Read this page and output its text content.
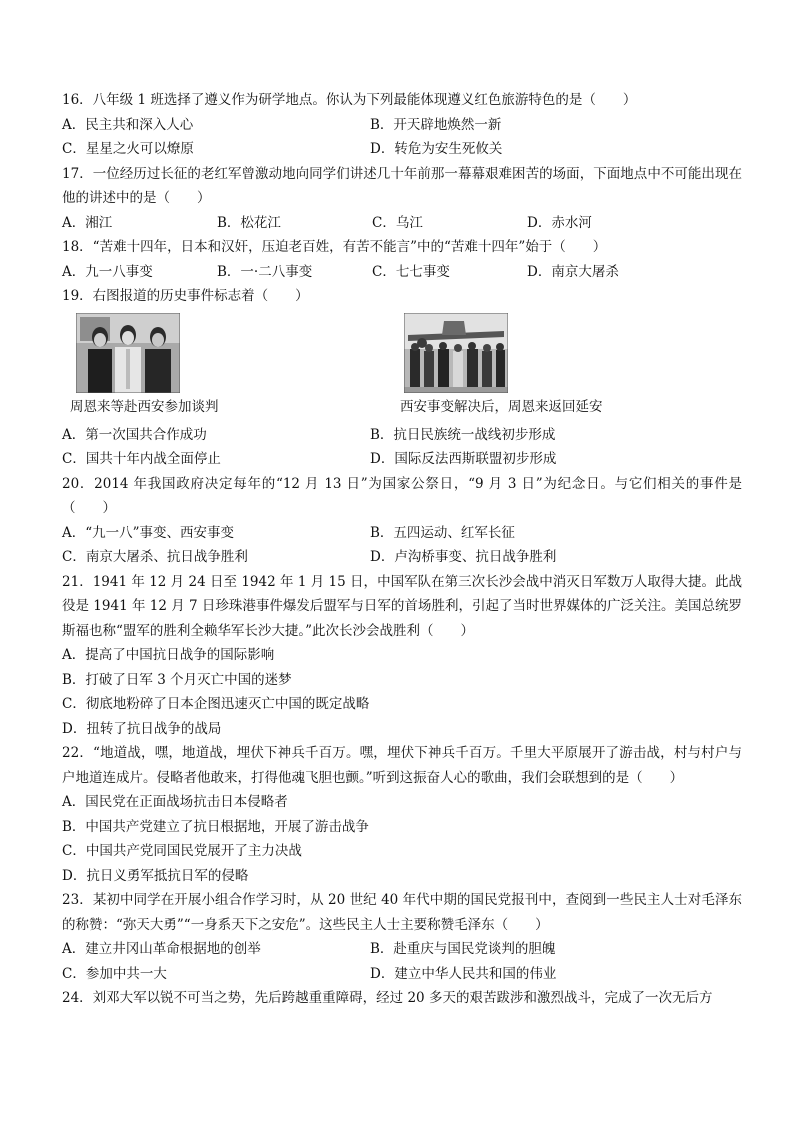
16．八年级 1 班选择了遵义作为研学地点。你认为下列最能体现遵义红色旅游特色的是（　　）
A．民主共和深入人心	B．开天辟地焕然一新
C．星星之火可以燎原	D．转危为安生死攸关
17．一位经历过长征的老红军曾激动地向同学们讲述几十年前那一幕幕艰难困苦的场面，下面地点中不可能出现在他的讲述中的是（　　）
A．湘江	B．松花江	C．乌江	D．赤水河
18．“苦难十四年，日本和汉奸，压迫老百姓，有苦不能言”中的“苦难十四年”始于（　　）
A．九一八事变	B．一·二八事变	C．七七事变	D．南京大屠杀
19．右图报道的历史事件标志着（　　）
周恩来等赴西安参加谈判	西安事变解决后，周恩来返回延安
A．第一次国共合作成功	B．抗日民族统一战线初步形成
C．国共十年内战全面停止	D．国际反法西斯联盟初步形成
20．2014 年我国政府决定每年的“12 月 13 日”为国家公祭日，“9 月 3 日”为纪念日。与它们相关的事件是（　　）
A．“九一八”事变、西安事变	B．五四运动、红军长征
C．南京大屠杀、抗日战争胜利	D．卢沟桥事变、抗日战争胜利
21．1941 年 12 月 24 日至 1942 年 1 月 15 日，中国军队在第三次长沙会战中消灭日军数万人取得大捷。此战役是 1941 年 12 月 7 日珍珠港事件爆发后盟军与日军的首场胜利，引起了当时世界媒体的广泛关注。美国总统罗斯福也称“盟军的胜利全赖华军长沙大捷。”此次长沙会战胜利（　　）
A．提高了中国抗日战争的国际影响
B．打破了日军 3 个月灭亡中国的迷梦
C．彻底地粉碎了日本企图迅速灭亡中国的既定战略
D．扭转了抗日战争的战局
22．“地道战，嘿，地道战，埋伏下神兵千百万。嘿，埋伏下神兵千百万。千里大平原展开了游击战，村与村户与户地道连成片。侵略者他敢来，打得他魂飞胆也颤。”听到这振奋人心的歌曲，我们会联想到的是（　　）
A．国民党在正面战场抗击日本侵略者
B．中国共产党建立了抗日根据地，开展了游击战争
C．中国共产党同国民党展开了主力决战
D．抗日义勇军抵抗日军的侵略
23．某初中同学在开展小组合作学习时，从 20 世纪 40 年代中期的国民党报刊中，查阅到一些民主人士对毛泽东的称赞：“弥天大勇”“一身系天下之安危”。这些民主人士主要称赞毛泽东（　　）
A．建立井冈山革命根据地的创举	B．赴重庆与国民党谈判的胆魄
C．参加中共一大	D．建立中华人民共和国的伟业
24．刘邓大军以锐不可当之势，先后跨越重重障碍，经过 20 多天的艰苦跋涉和激烈战斗，完成了一次无后方
